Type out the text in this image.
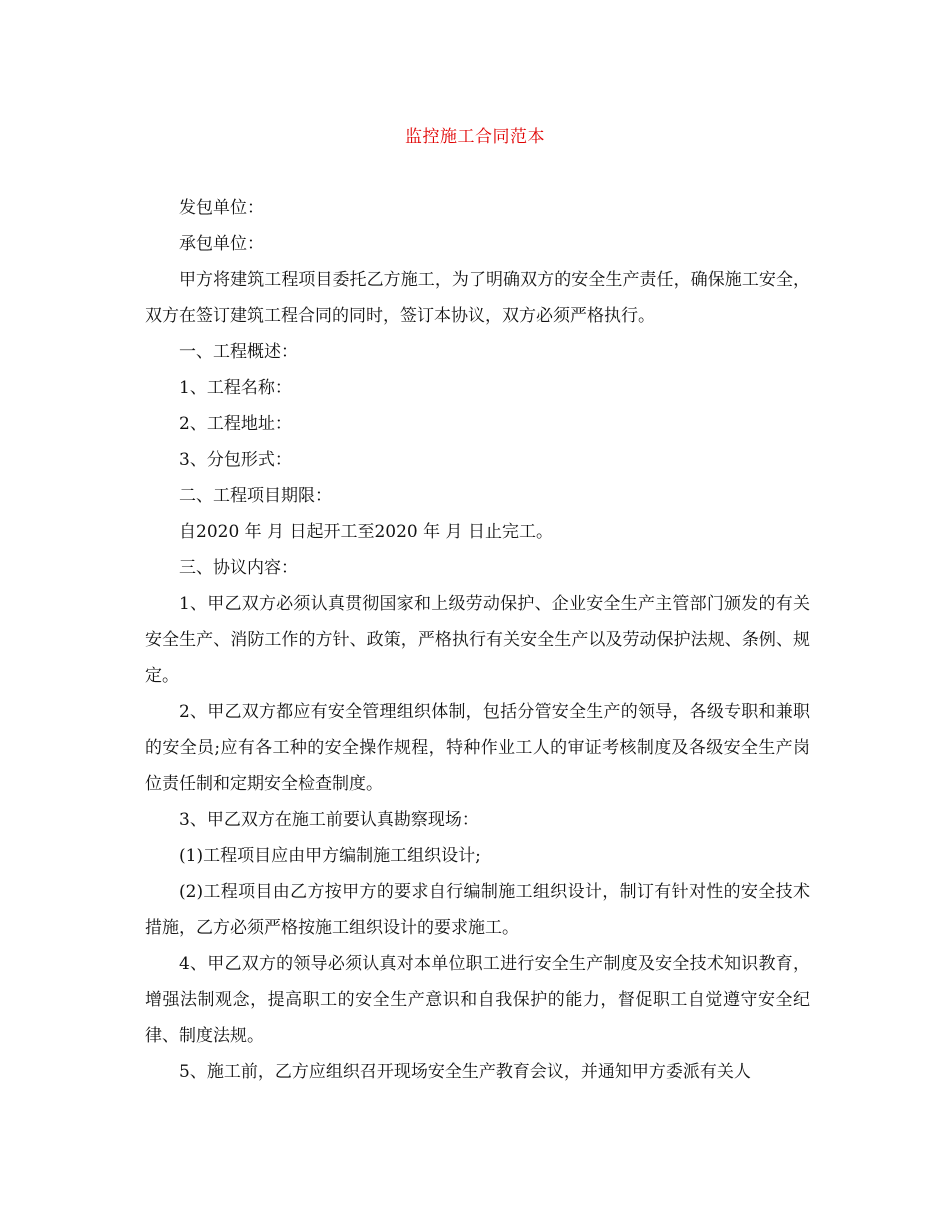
监控施工合同范本

发包单位：

承包单位：

甲方将建筑工程项目委托乙方施工，为了明确双方的安全生产责任，确保施工安全，双方在签订建筑工程合同的同时，签订本协议，双方必须严格执行。

一、工程概述：

1、工程名称：

2、工程地址：

3、分包形式：

二、工程项目期限：

自2020 年 月 日起开工至2020 年 月 日止完工。

三、协议内容：

1、甲乙双方必须认真贯彻国家和上级劳动保护、企业安全生产主管部门颁发的有关安全生产、消防工作的方针、政策，严格执行有关安全生产以及劳动保护法规、条例、规定。

2、甲乙双方都应有安全管理组织体制，包括分管安全生产的领导，各级专职和兼职的安全员;应有各工种的安全操作规程，特种作业工人的审证考核制度及各级安全生产岗位责任制和定期安全检查制度。

3、甲乙双方在施工前要认真勘察现场：

(1)工程项目应由甲方编制施工组织设计;

(2)工程项目由乙方按甲方的要求自行编制施工组织设计，制订有针对性的安全技术措施，乙方必须严格按施工组织设计的要求施工。

4、甲乙双方的领导必须认真对本单位职工进行安全生产制度及安全技术知识教育，增强法制观念，提高职工的安全生产意识和自我保护的能力，督促职工自觉遵守安全纪律、制度法规。

5、施工前，乙方应组织召开现场安全生产教育会议，并通知甲方委派有关人
